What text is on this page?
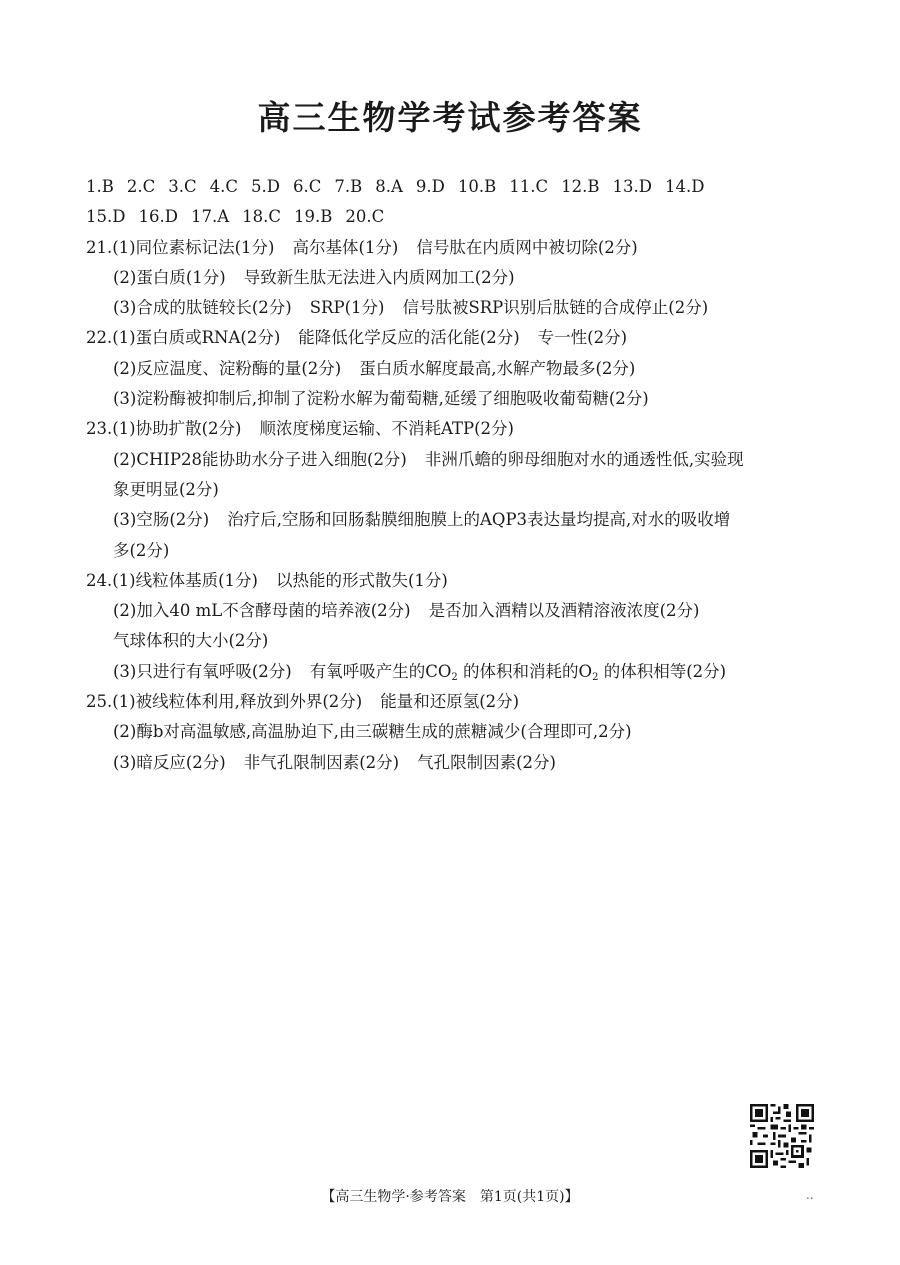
高三生物学考试参考答案
1.B 2.C 3.C 4.C 5.D 6.C 7.B 8.A 9.D 10.B 11.C 12.B 13.D 14.D
15.D 16.D 17.A 18.C 19.B 20.C
21.(1)同位素标记法(1分) 高尔基体(1分) 信号肽在内质网中被切除(2分)
(2)蛋白质(1分) 导致新生肽无法进入内质网加工(2分)
(3)合成的肽链较长(2分) SRP(1分) 信号肽被SRP识别后肽链的合成停止(2分)
22.(1)蛋白质或RNA(2分) 能降低化学反应的活化能(2分) 专一性(2分)
(2)反应温度、淀粉酶的量(2分) 蛋白质水解度最高,水解产物最多(2分)
(3)淀粉酶被抑制后,抑制了淀粉水解为葡萄糖,延缓了细胞吸收葡萄糖(2分)
23.(1)协助扩散(2分) 顺浓度梯度运输、不消耗ATP(2分)
(2)CHIP28能协助水分子进入细胞(2分) 非洲爪蟾的卵母细胞对水的通透性低,实验现
象更明显(2分)
(3)空肠(2分) 治疗后,空肠和回肠黏膜细胞膜上的AQP3表达量均提高,对水的吸收增
多(2分)
24.(1)线粒体基质(1分) 以热能的形式散失(1分)
(2)加入40 mL不含酵母菌的培养液(2分) 是否加入酒精以及酒精溶液浓度(2分)
气球体积的大小(2分)
(3)只进行有氧呼吸(2分) 有氧呼吸产生的$CO_2$ 的体积和消耗的$O_2$ 的体积相等(2分)
25.(1)被线粒体利用,释放到外界(2分) 能量和还原氢(2分)
(2)酶b对高温敏感,高温胁迫下,由三碳糖生成的蔗糖减少(合理即可,2分)
(3)暗反应(2分) 非气孔限制因素(2分) 气孔限制因素(2分)
【高三生物学·参考答案　第1页(共1页)】	..
